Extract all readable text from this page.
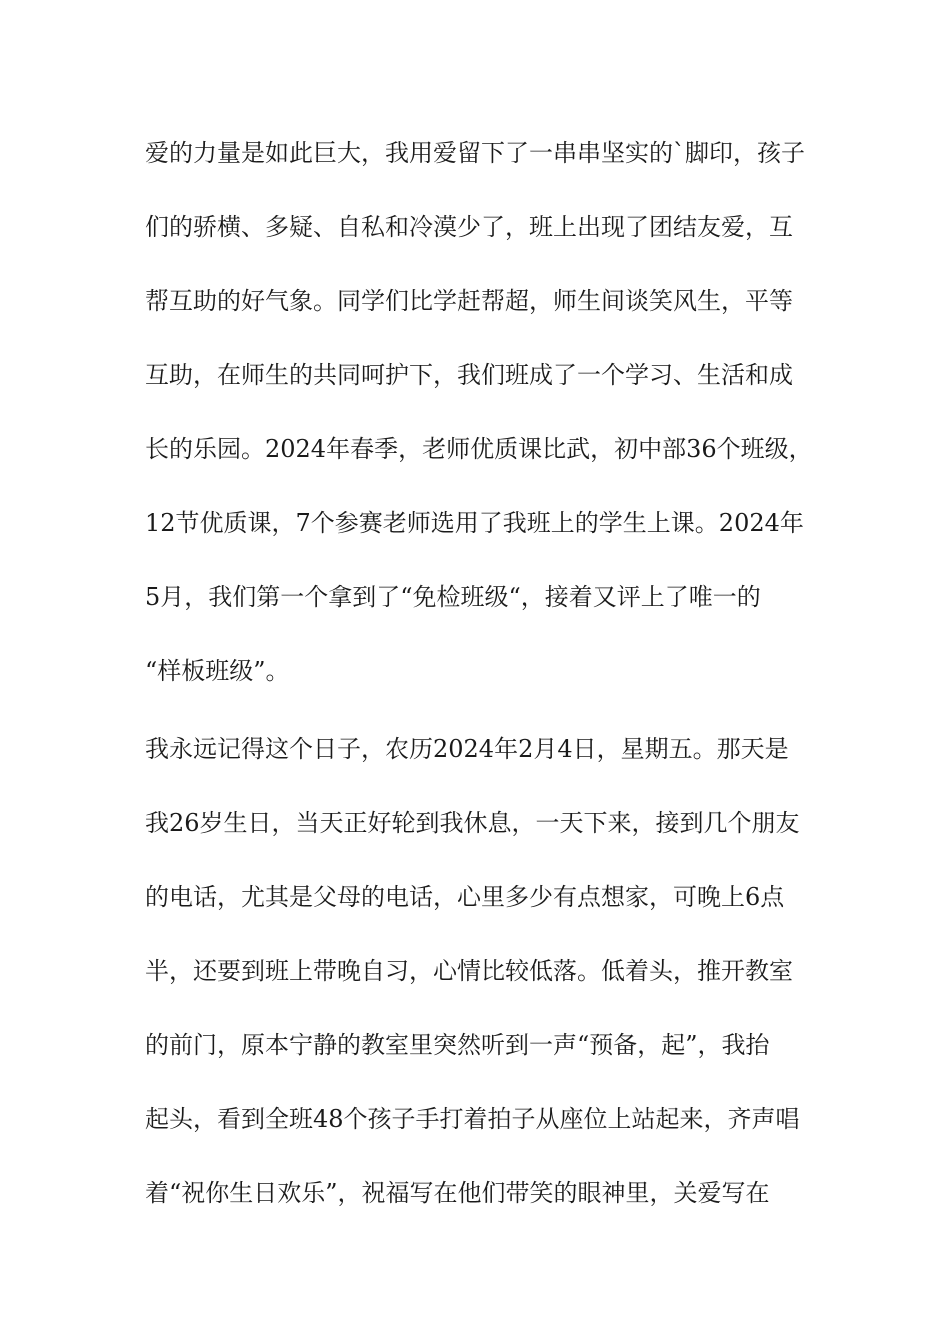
爱的力量是如此巨大，我用爱留下了一串串坚实的`脚印，孩子
们的骄横、多疑、自私和冷漠少了，班上出现了团结友爱，互
帮互助的好气象。同学们比学赶帮超，师生间谈笑风生，平等
互助，在师生的共同呵护下，我们班成了一个学习、生活和成
长的乐园。2024年春季，老师优质课比武，初中部36个班级，
12节优质课，7个参赛老师选用了我班上的学生上课。2024年
5月，我们第一个拿到了“免检班级“，接着又评上了唯一的
“样板班级”。
我永远记得这个日子，农历2024年2月4日，星期五。那天是
我26岁生日，当天正好轮到我休息，一天下来，接到几个朋友
的电话，尤其是父母的电话，心里多少有点想家，可晚上6点
半，还要到班上带晚自习，心情比较低落。低着头，推开教室
的前门，原本宁静的教室里突然听到一声“预备，起”，我抬
起头，看到全班48个孩子手打着拍子从座位上站起来，齐声唱
着“祝你生日欢乐”，祝福写在他们带笑的眼神里，关爱写在
